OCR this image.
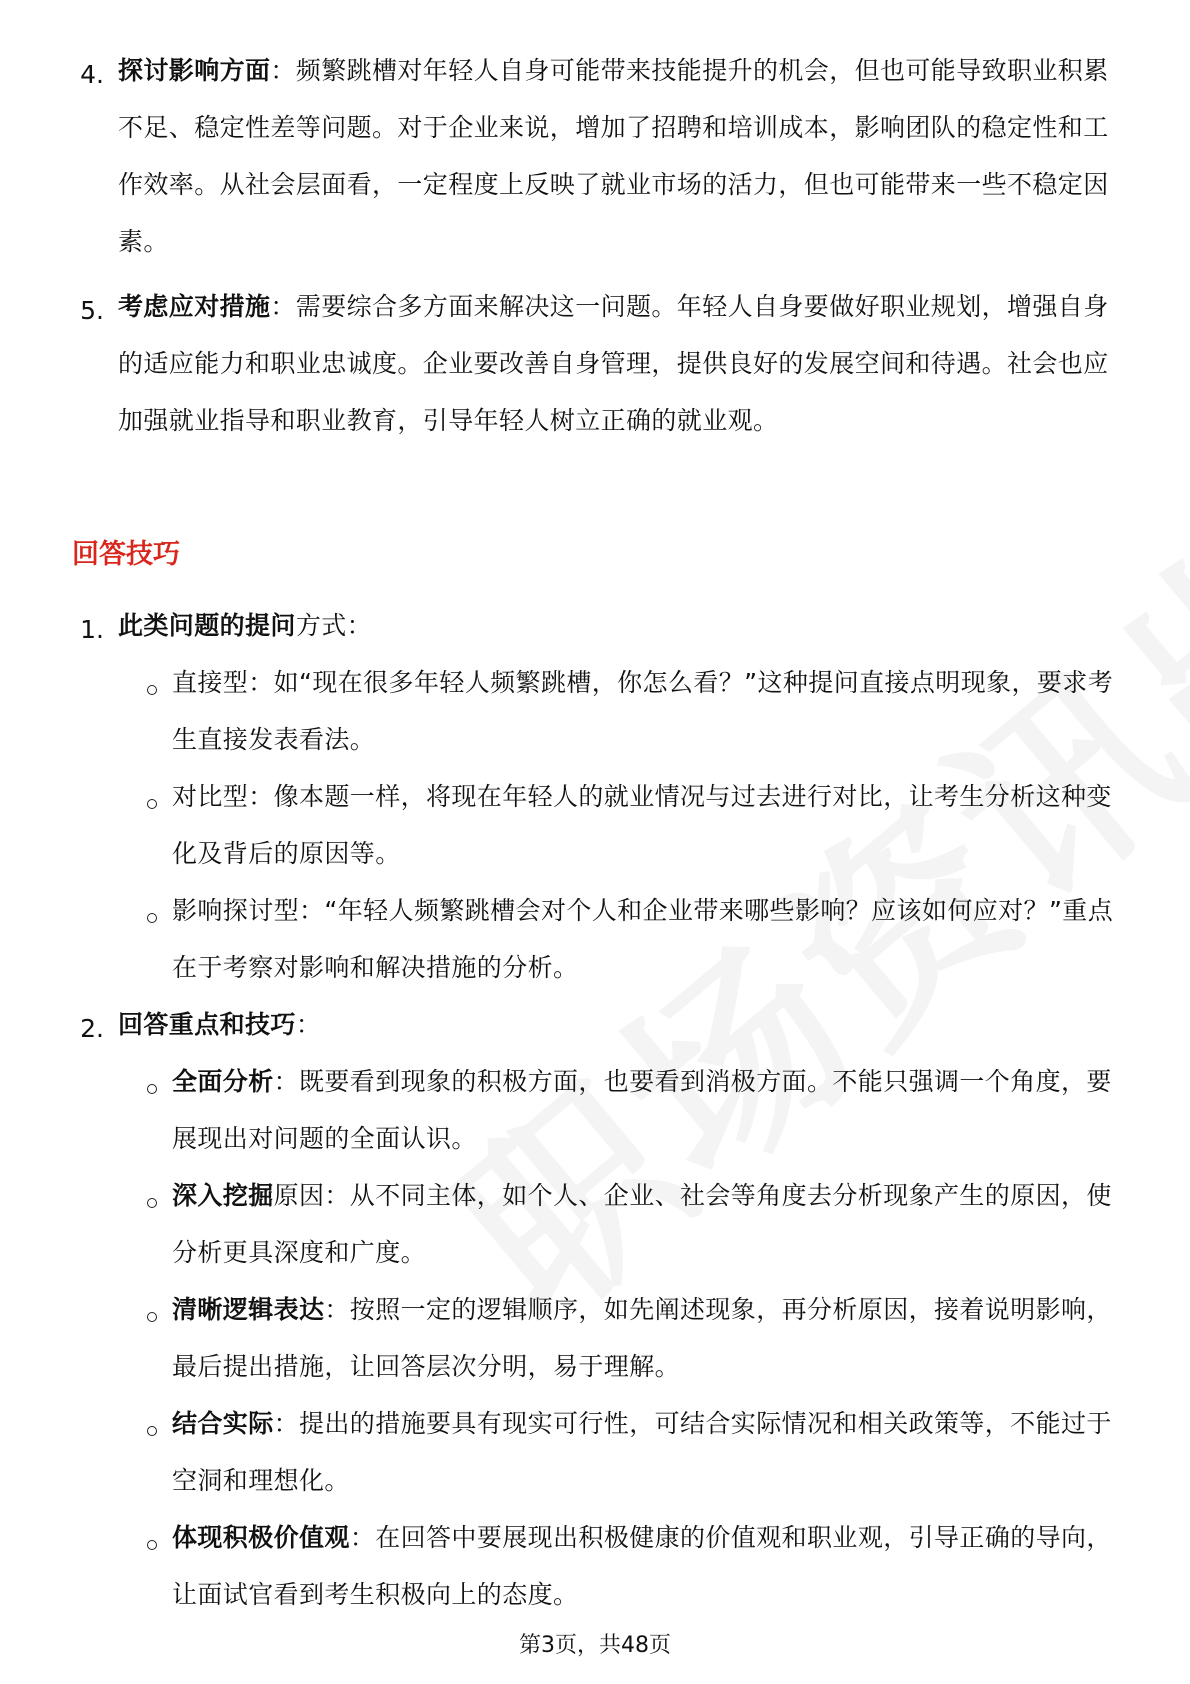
4. 探讨影响方面：频繁跳槽对年轻人自身可能带来技能提升的机会，但也可能导致职业积累不足、稳定性差等问题。对于企业来说，增加了招聘和培训成本，影响团队的稳定性和工作效率。从社会层面看，一定程度上反映了就业市场的活力，但也可能带来一些不稳定因素。
5. 考虑应对措施：需要综合多方面来解决这一问题。年轻人自身要做好职业规划，增强自身的适应能力和职业忠诚度。企业要改善自身管理，提供良好的发展空间和待遇。社会也应加强就业指导和职业教育，引导年轻人树立正确的就业观。
回答技巧
1. 此类问题的提问方式：
直接型：如“现在很多年轻人频繁跳槽，你怎么看？”这种提问直接点明现象，要求考生直接发表看法。
对比型：像本题一样，将现在年轻人的就业情况与过去进行对比，让考生分析这种变化及背后的原因等。
影响探讨型：“年轻人频繁跳槽会对个人和企业带来哪些影响？应该如何应对？”重点在于考察对影响和解决措施的分析。
2. 回答重点和技巧：
全面分析：既要看到现象的积极方面，也要看到消极方面。不能只强调一个角度，要展现出对问题的全面认识。
深入挖掘原因：从不同主体，如个人、企业、社会等角度去分析现象产生的原因，使分析更具深度和广度。
清晰逻辑表达：按照一定的逻辑顺序，如先阐述现象，再分析原因，接着说明影响，最后提出措施，让回答层次分明，易于理解。
结合实际：提出的措施要具有现实可行性，可结合实际情况和相关政策等，不能过于空洞和理想化。
体现积极价值观：在回答中要展现出积极健康的价值观和职业观，引导正确的导向，让面试官看到考生积极向上的态度。
第3页，共48页
